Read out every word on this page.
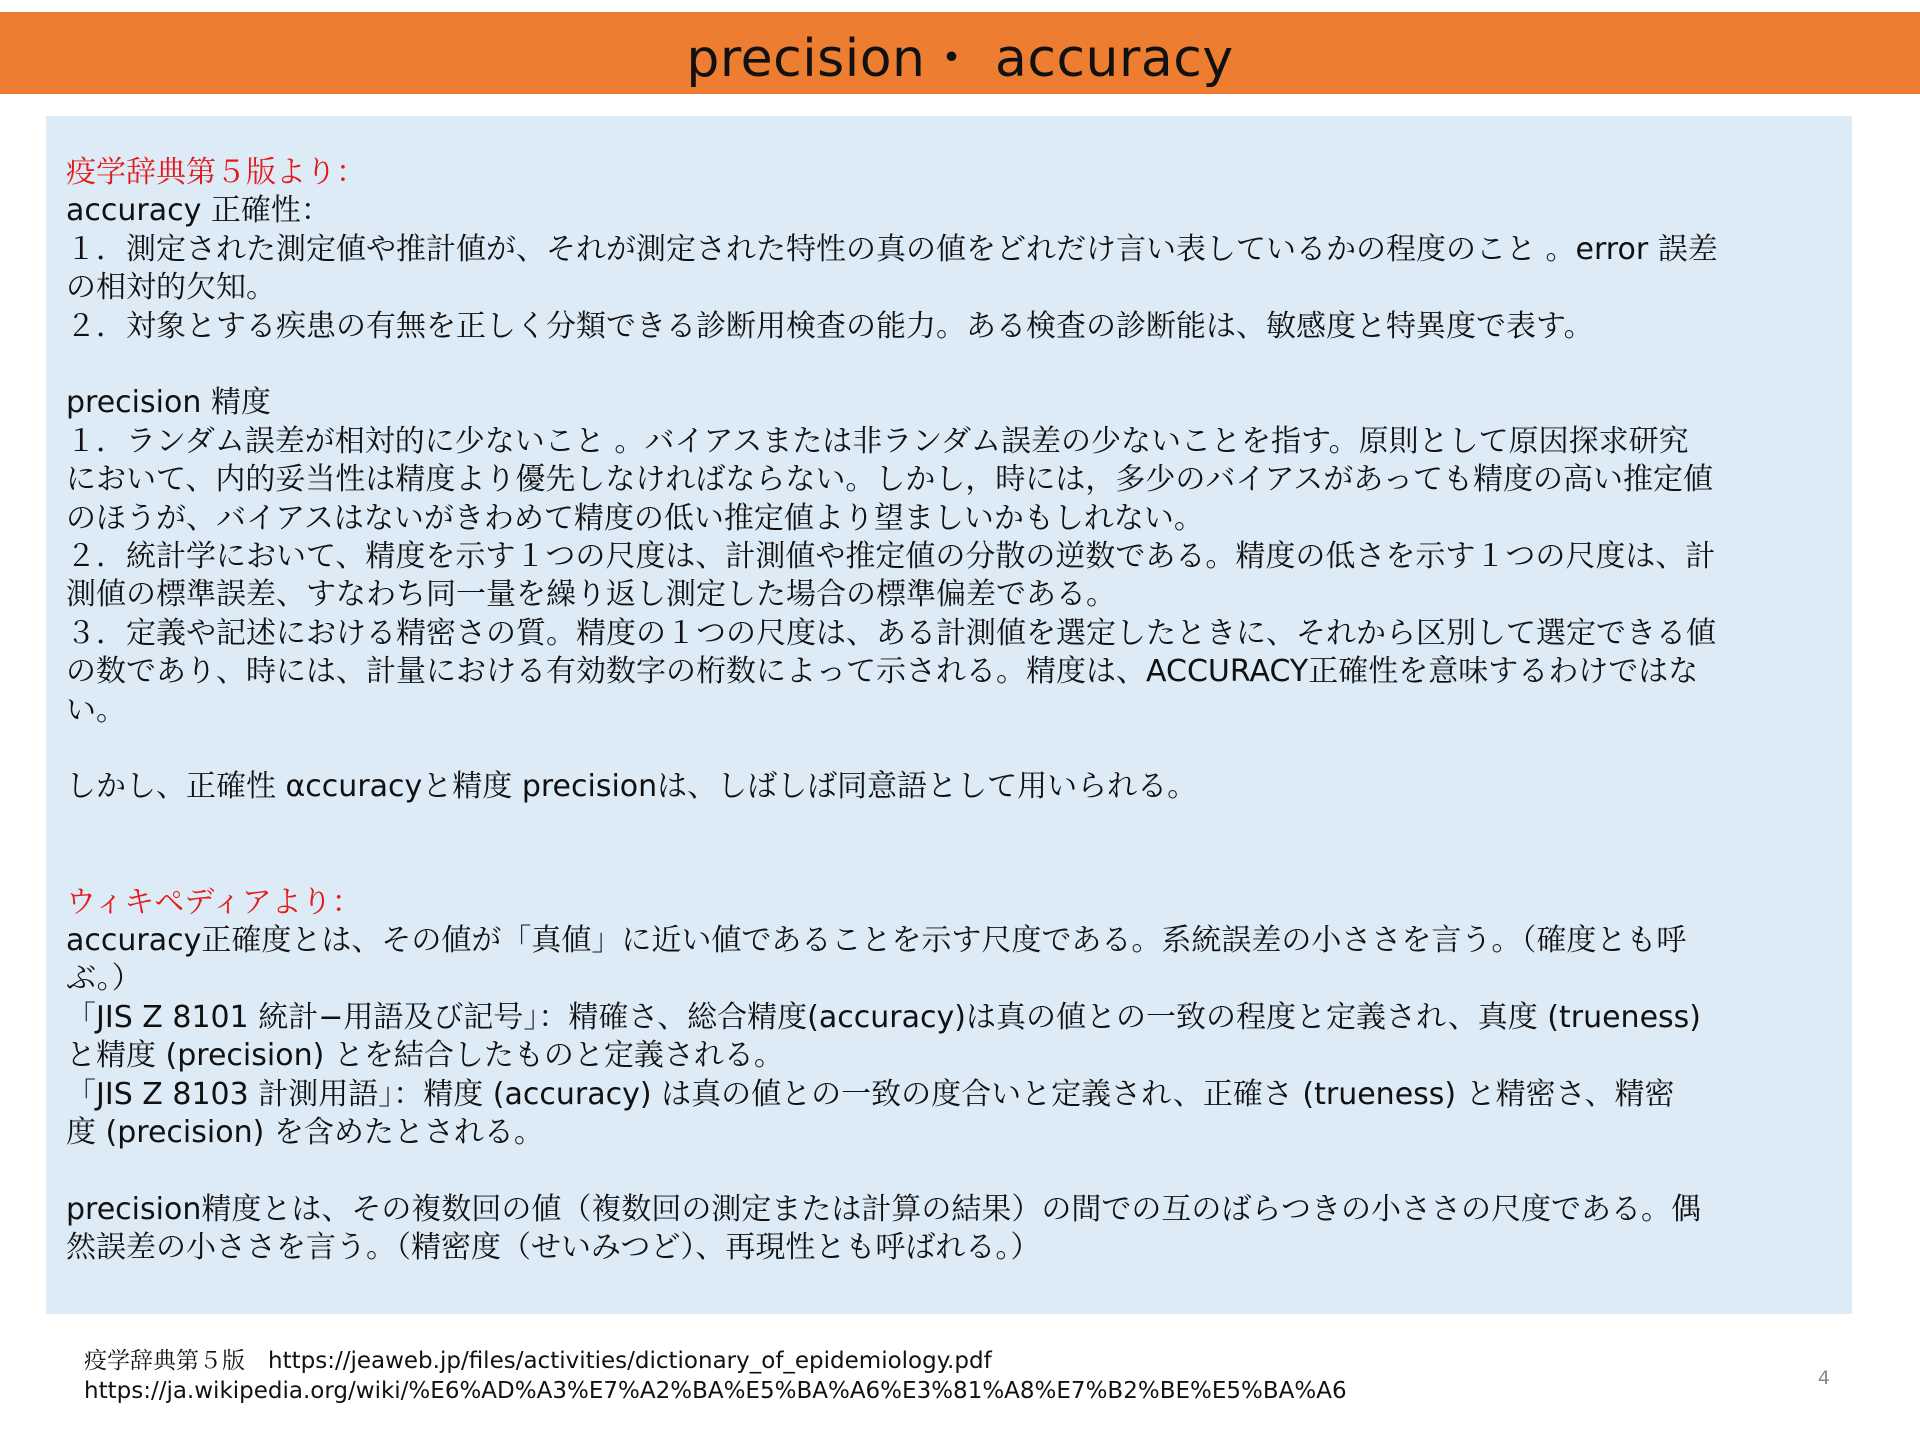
precision・ accuracy

疫学辞典第５版より：

accuracy 正確性：

１．測定された測定値や推計値が、それが測定された特性の真の値をどれだけ言い表しているかの程度のこと 。error 誤差

の相対的欠知。

２．対象とする疾患の有無を正しく分類できる診断用検査の能力。ある検査の診断能は、敏感度と特異度で表す。

precision 精度

１．ランダム誤差が相対的に少ないこと 。バイアスまたは非ランダム誤差の少ないことを指す。原則として原因探求研究

において、内的妥当性は精度より優先しなければならない。しかし，時には，多少のバイアスがあっても精度の高い推定値

のほうが、バイアスはないがきわめて精度の低い推定値より望ましいかもしれない。

２．統計学において、精度を示す１つの尺度は、計測値や推定値の分散の逆数である。精度の低さを示す１つの尺度は、計

測値の標準誤差、すなわち同一量を繰り返し測定した場合の標準偏差である。

３．定義や記述における精密さの質。精度の１つの尺度は、ある計測値を選定したときに、それから区別して選定できる値

の数であり、時には、計量における有効数字の桁数によって示される。精度は、ACCURACY正確性を意味するわけではな

い。

しかし、正確性 αccuracyと精度 precisionは、しばしば同意語として用いられる。

ウィキペディアより：

accuracy正確度とは、その値が「真値」に近い値であることを示す尺度である。系統誤差の小ささを言う。（確度とも呼

ぶ。）

「JIS Z 8101 統計−用語及び記号」：精確さ、総合精度(accuracy)は真の値との一致の程度と定義され、真度 (trueness)

と精度 (precision) とを結合したものと定義される。

「JIS Z 8103 計測用語」：精度 (accuracy) は真の値との一致の度合いと定義され、正確さ (trueness) と精密さ、精密

度 (precision) を含めたとされる。

precision精度とは、その複数回の値（複数回の測定または計算の結果）の間での互のばらつきの小ささの尺度である。偶

然誤差の小ささを言う。（精密度（せいみつど）、再現性とも呼ばれる。）

疫学辞典第５版　https://jeaweb.jp/files/activities/dictionary_of_epidemiology.pdf
https://ja.wikipedia.org/wiki/%E6%AD%A3%E7%A2%BA%E5%BA%A6%E3%81%A8%E7%B2%BE%E5%BA%A6	4
